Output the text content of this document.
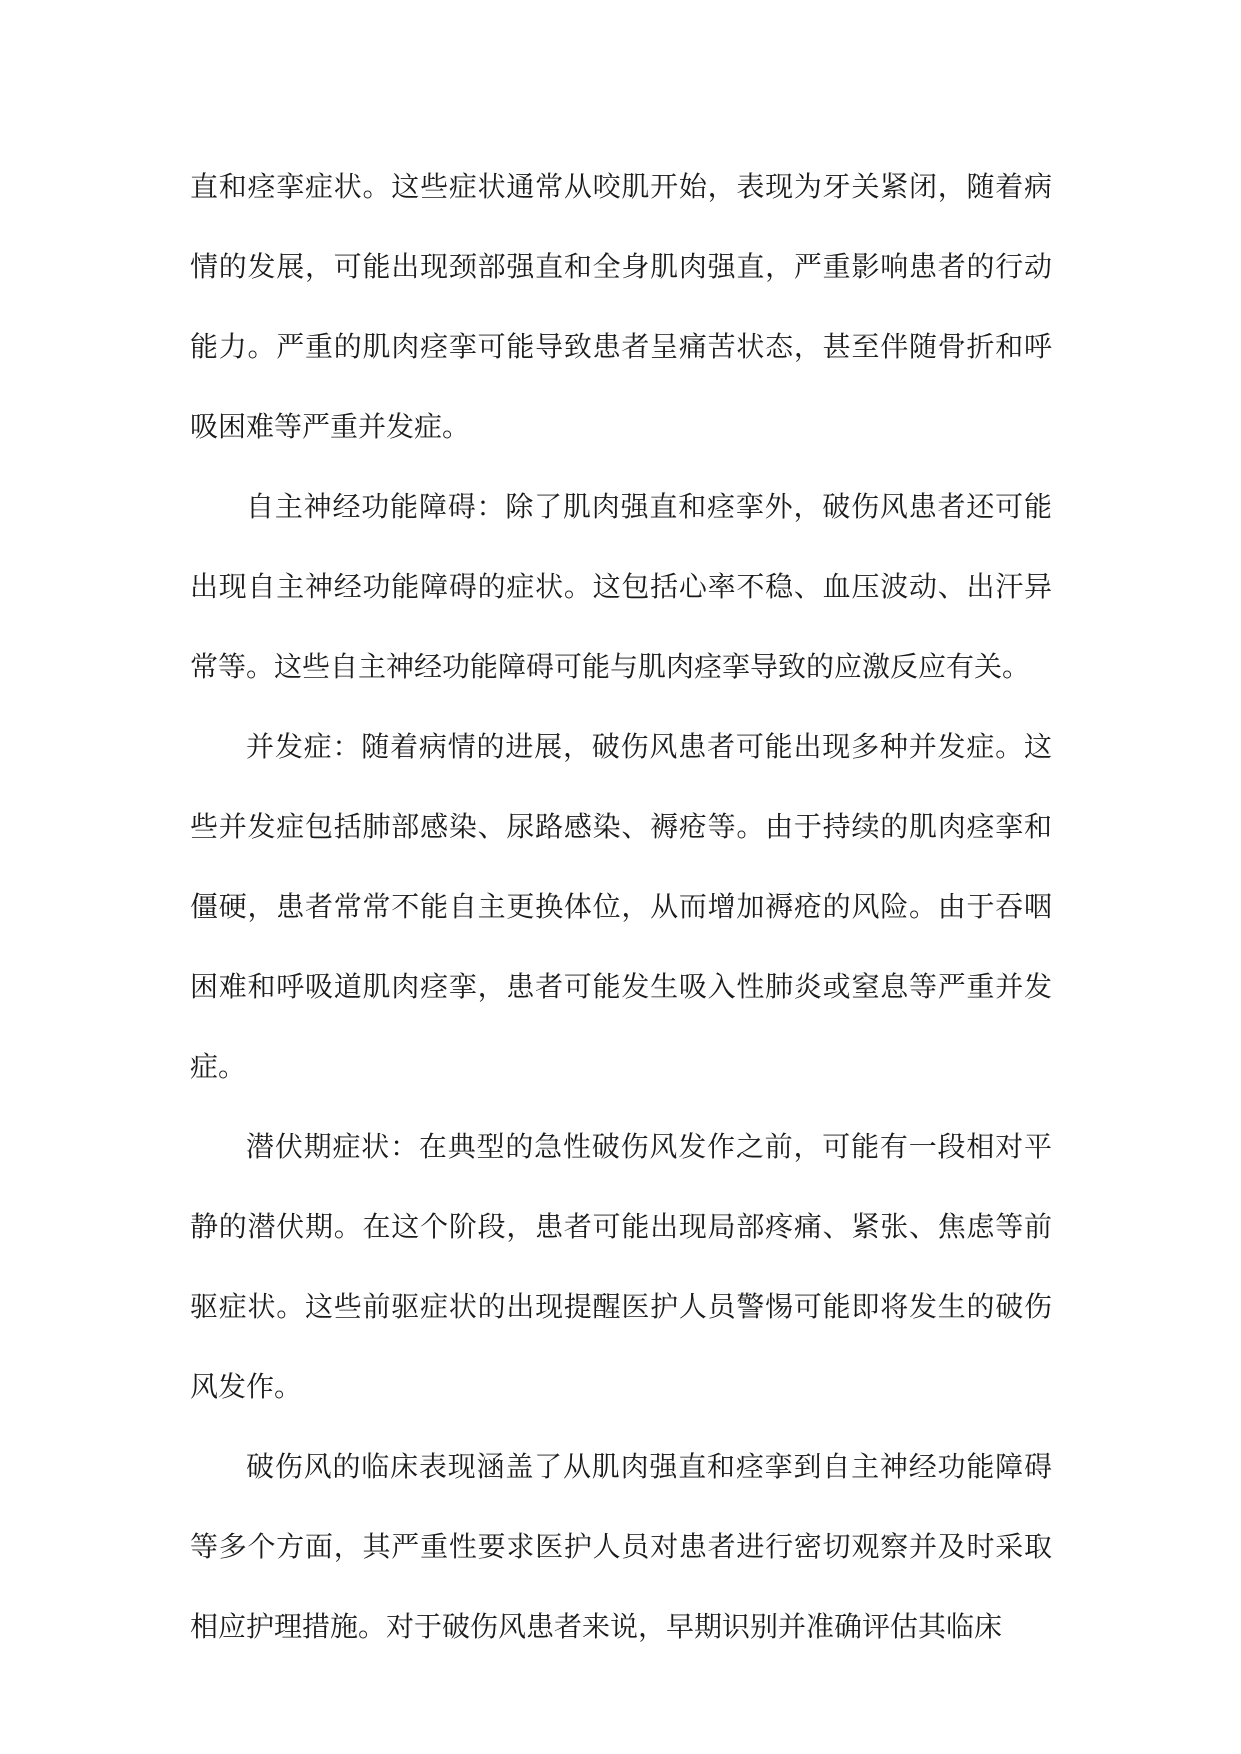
直和痉挛症状。这些症状通常从咬肌开始，表现为牙关紧闭，随着病情的发展，可能出现颈部强直和全身肌肉强直，严重影响患者的行动能力。严重的肌肉痉挛可能导致患者呈痛苦状态，甚至伴随骨折和呼吸困难等严重并发症。

自主神经功能障碍：除了肌肉强直和痉挛外，破伤风患者还可能出现自主神经功能障碍的症状。这包括心率不稳、血压波动、出汗异常等。这些自主神经功能障碍可能与肌肉痉挛导致的应激反应有关。

并发症：随着病情的进展，破伤风患者可能出现多种并发症。这些并发症包括肺部感染、尿路感染、褥疮等。由于持续的肌肉痉挛和僵硬，患者常常不能自主更换体位，从而增加褥疮的风险。由于吞咽困难和呼吸道肌肉痉挛，患者可能发生吸入性肺炎或窒息等严重并发症。

潜伏期症状：在典型的急性破伤风发作之前，可能有一段相对平静的潜伏期。在这个阶段，患者可能出现局部疼痛、紧张、焦虑等前驱症状。这些前驱症状的出现提醒医护人员警惕可能即将发生的破伤风发作。

破伤风的临床表现涵盖了从肌肉强直和痉挛到自主神经功能障碍等多个方面，其严重性要求医护人员对患者进行密切观察并及时采取相应护理措施。对于破伤风患者来说，早期识别并准确评估其临床
